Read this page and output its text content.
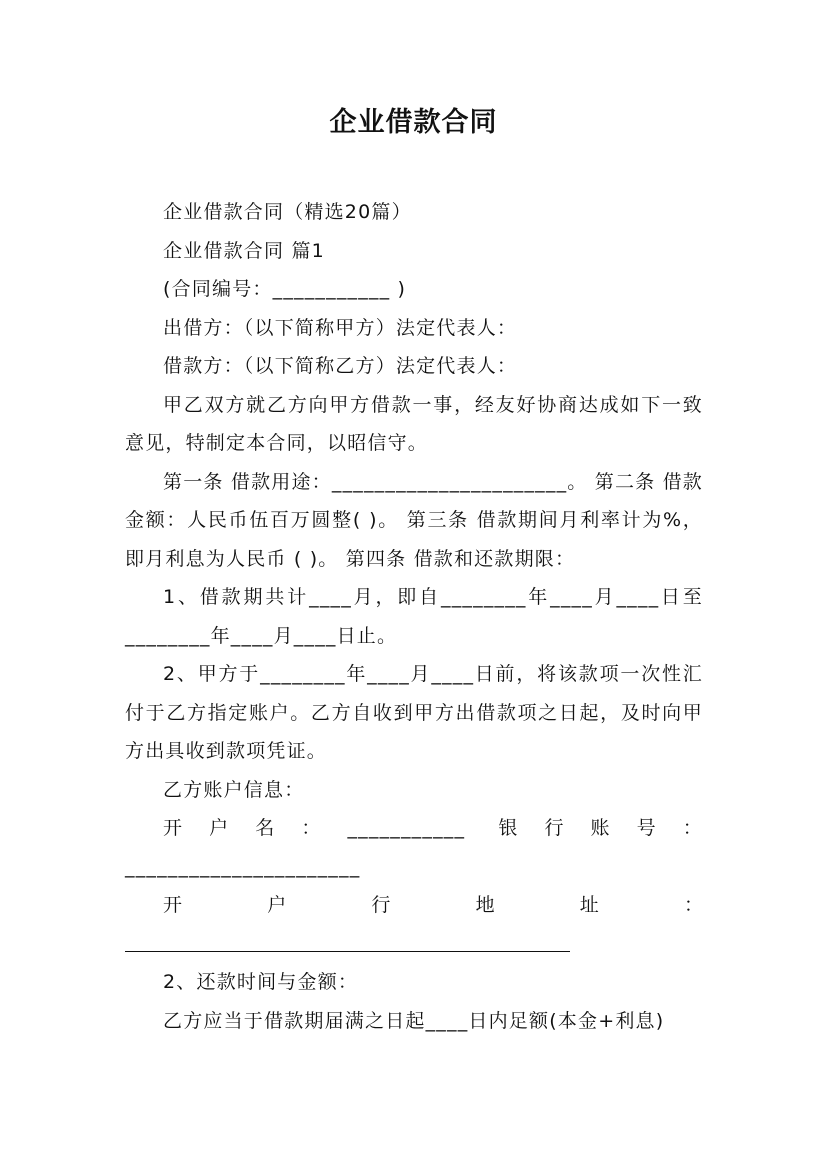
企业借款合同

企业借款合同（精选20篇）

企业借款合同 篇1

(合同编号：___________ )

出借方：（以下简称甲方）法定代表人：

借款方：（以下简称乙方）法定代表人：

甲乙双方就乙方向甲方借款一事，经友好协商达成如下一致意见，特制定本合同，以昭信守。

第一条 借款用途：______________________。 第二条 借款金额：人民币伍百万圆整( )。 第三条 借款期间月利率计为%，即月利息为人民币 ( )。 第四条 借款和还款期限：

1、借款期共计____月，即自________年____月____日至________年____月____日止。

2、甲方于________年____月____日前，将该款项一次性汇付于乙方指定账户。乙方自收到甲方出借款项之日起，及时向甲方出具收到款项凭证。

乙方账户信息：

开户名：___________ 银行账号：______________________

开	户	行	地	址	：

2、还款时间与金额：

乙方应当于借款期届满之日起____日内足额(本金+利息)
